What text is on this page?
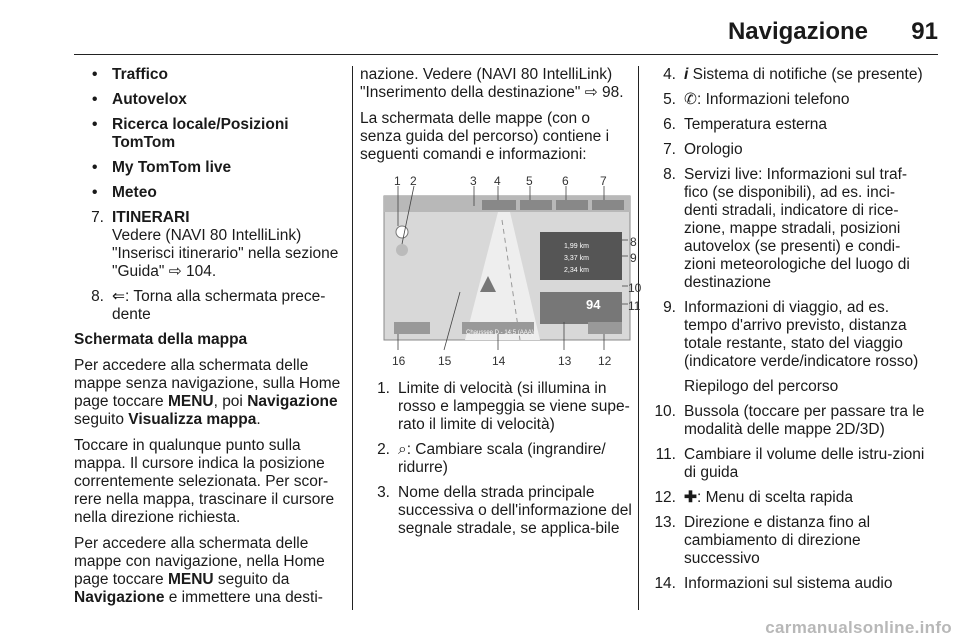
Navigazione 91
• Traffico
• Autovelox
• Ricerca locale/Posizioni TomTom
• My TomTom live
• Meteo
7. ITINERARI
Vedere (NAVI 80 IntelliLink) "Inserisci itinerario" nella sezione "Guida" ⇨ 104.
8. ⇐: Torna alla schermata prece-dente

Schermata della mappa

Per accedere alla schermata delle mappe senza navigazione, sulla Home page toccare MENU, poi Navigazione seguito Visualizza mappa.

Toccare in qualunque punto sulla mappa. Il cursore indica la posizione correntemente selezionata. Per scor-rere nella mappa, trascinare il cursore nella direzione richiesta.

Per accedere alla schermata delle mappe con navigazione, nella Home page toccare MENU seguito da Navigazione e immettere una desti-

nazione. Vedere (NAVI 80 IntelliLink) "Inserimento della destinazione" ⇨ 98.

La schermata delle mappe (con o senza guida del percorso) contiene i seguenti comandi e informazioni:

1 2	3 4 5 6	7
8
9
10
11
16	15	14	13 12
1,99 km
3,37 km
2,34 km
94
Chaussee D - 14:5 (AAA)
1. Limite di velocità (si illumina in rosso e lampeggia se viene supe-rato il limite di velocità)
2. ⌕: Cambiare scala (ingrandire/ ridurre)
3. Nome della strada principale successiva o dell'informazione del segnale stradale, se applica-bile
4. i Sistema di notifiche (se presente)
5. ✆: Informazioni telefono
6. Temperatura esterna
7. Orologio
8. Servizi live: Informazioni sul traf-fico (se disponibili), ad es. inci-denti stradali, indicatore di rice-zione, mappe stradali, posizioni autovelox (se presenti) e condi-zioni meteorologiche del luogo di destinazione
9. Informazioni di viaggio, ad es. tempo d'arrivo previsto, distanza totale restante, stato del viaggio (indicatore verde/indicatore rosso)
Riepilogo del percorso
10. Bussola (toccare per passare tra le modalità delle mappe 2D/3D)
11. Cambiare il volume delle istru-zioni di guida
12. ✚: Menu di scelta rapida
13. Direzione e distanza fino al cambiamento di direzione successivo
14. Informazioni sul sistema audio
carmanualsonline.info
